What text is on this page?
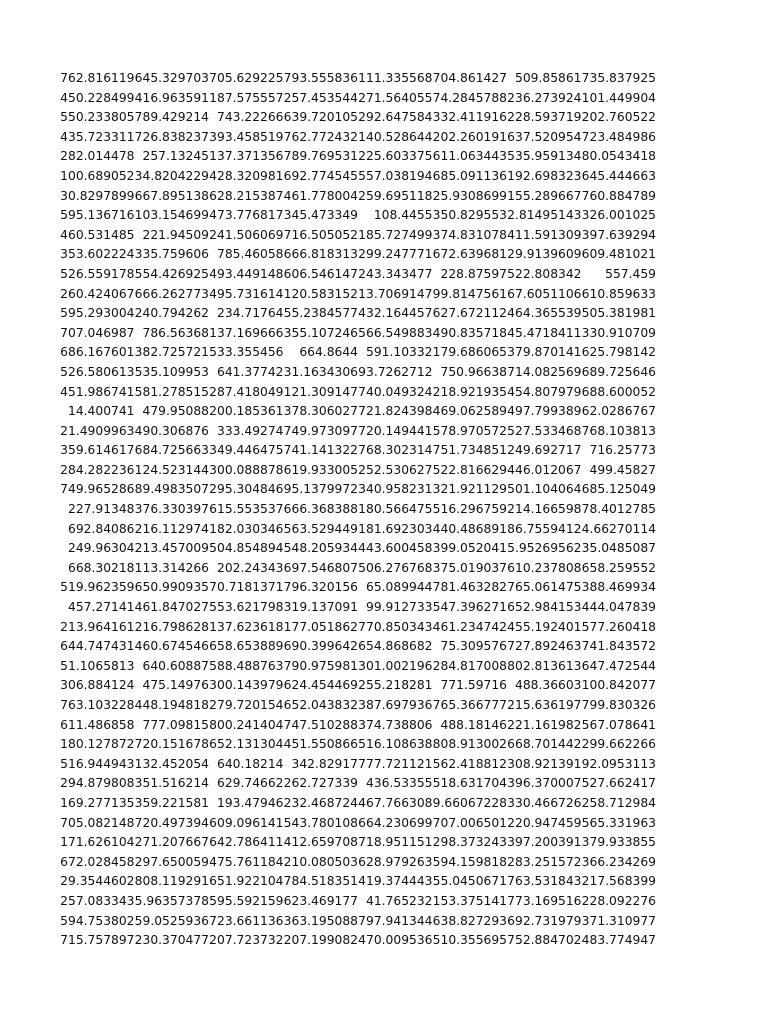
762.816119	645.329703	705.629225	793.555836	111.335568	704.861427	509.85861	735.837925
450.228499	416.963591	187.575557	257.453544	271.564055	74.2845788	236.273924	101.449904
550.233805	789.429214	743.22266	639.720105	292.647584	332.411916	228.593719	202.760522
435.723311	726.838237	393.458519	762.772432	140.528644	202.260191	637.520954	723.484986
282.014478	257.13245	137.371356	789.769531	225.603375	611.063443	535.959134	80.0543418
100.689052	34.8204229	428.320981	692.774545	557.038194	685.091136	192.698323	645.444663
30.8297899	667.895138	628.215387	461.778004	259.695118	25.9308699	155.289667	760.884789
595.136716	103.154699	473.776817	345.473349	108.4455	350.829553	2.81495143	326.001025
460.531485	221.94509	241.506069	716.505052	185.727499	374.831078	411.591309	397.639294
353.602224	335.759606	785.46058	666.818313	299.247771	672.639681	29.9139609	609.481021
526.559178	554.426925	493.449148	606.546147	243.343477	228.87597	522.808342	557.459
260.424067	666.262773	495.731614	120.583152	13.7069147	99.8147561	67.6051106	610.859633
595.293004	240.794262	234.71764	55.2384577	432.164457	627.672112	464.365539	505.381981
707.046987	786.56368	137.169666	355.107246	566.549883	490.835718	45.4718411	330.910709
686.167601	382.725721	533.355456	664.8644	591.10332	179.686065	379.870141	625.798142
526.580613	535.109953	641.37742	31.1634306	93.7262712	750.96638	714.082569	689.725646
451.986741	581.278515	287.418049	121.309147	740.049324	218.921935	454.807979	688.600052
14.400741	479.95088	200.185361	378.306027	721.824398	469.062589	497.799389	62.0286767
21.4909963	490.306876	333.49274	749.973097	720.149441	578.970572	527.533468	768.103813
359.614617	684.725663	349.446475	741.141322	768.302314	751.734851	249.692717	716.25773
284.282236	124.523144	300.088878	619.933005	252.530627	522.816629	446.012067	499.45827
749.965286	89.4983507	295.304846	95.1379972	340.958231	321.921129	501.104064	685.125049
227.91348	376.330397	615.553537	666.368388	180.566475	516.296759	214.166598	78.4012785
692.84086	216.112974	182.030346	563.529449	181.692303	440.486891	86.7559412	4.66270114
249.96304	213.457009	504.854894	548.205934	443.600458	399.052041	5.95269562	35.0485087
668.30218	113.314266	202.24343	697.546807	506.276768	375.019037	610.237808	658.259552
519.962359	650.990935	70.7181371	796.320156	65.089944	781.463282	765.061475	388.469934
457.27141	461.847027	553.621798	319.137091	99.912733	547.396271	652.984153	444.047839
213.964161	216.798628	137.623618	177.051862	770.850343	461.234742	455.192401	577.260418
644.747431	460.674546	658.653889	690.399642	654.868682	75.309576	727.892463	741.843572
51.1065813	640.60887	588.488763	790.975981	301.002196	284.817008	802.813613	647.472544
306.884124	475.14976	300.143979	624.454469	255.218281	771.59716	488.36603	100.842077
763.103228	448.194818	279.720154	652.043832	387.697936	765.366777	215.636197	799.830326
611.486858	777.09815	800.241404	747.510288	374.738806	488.18146	221.161982	567.078641
180.127872	720.151678	652.131304	451.550866	516.108638	808.913002	668.701442	299.662266
516.944943	132.452054	640.18214	342.82917	777.721121	562.418812	308.921391	92.0953113
294.879808	351.516214	629.74662	262.727339	436.53355	518.631704	396.370007	527.662417
169.277135	359.221581	193.47946	232.468724	467.766308	9.66067228	330.466726	258.712984
705.082148	720.497394	609.096141	543.780108	664.230699	707.006501	220.947459	565.331963
171.626104	271.207667	642.786411	412.659708	718.951151	298.373243	397.200391	379.933855
672.028458	297.650059	475.761184	210.080503	628.979263	594.159818	283.251572	366.234269
29.3544602	808.119291	651.922104	784.518351	419.374443	55.0450671	763.531843	217.568399
257.083343	5.96357378	595.592159	623.469177	41.765232	153.375141	773.169516	228.092276
594.753802	59.0525936	723.661136	363.195088	797.941344	638.827293	692.731979	371.310977
715.757897	230.370477	207.723732	207.199082	470.009536	510.355695	752.884702	483.774947
